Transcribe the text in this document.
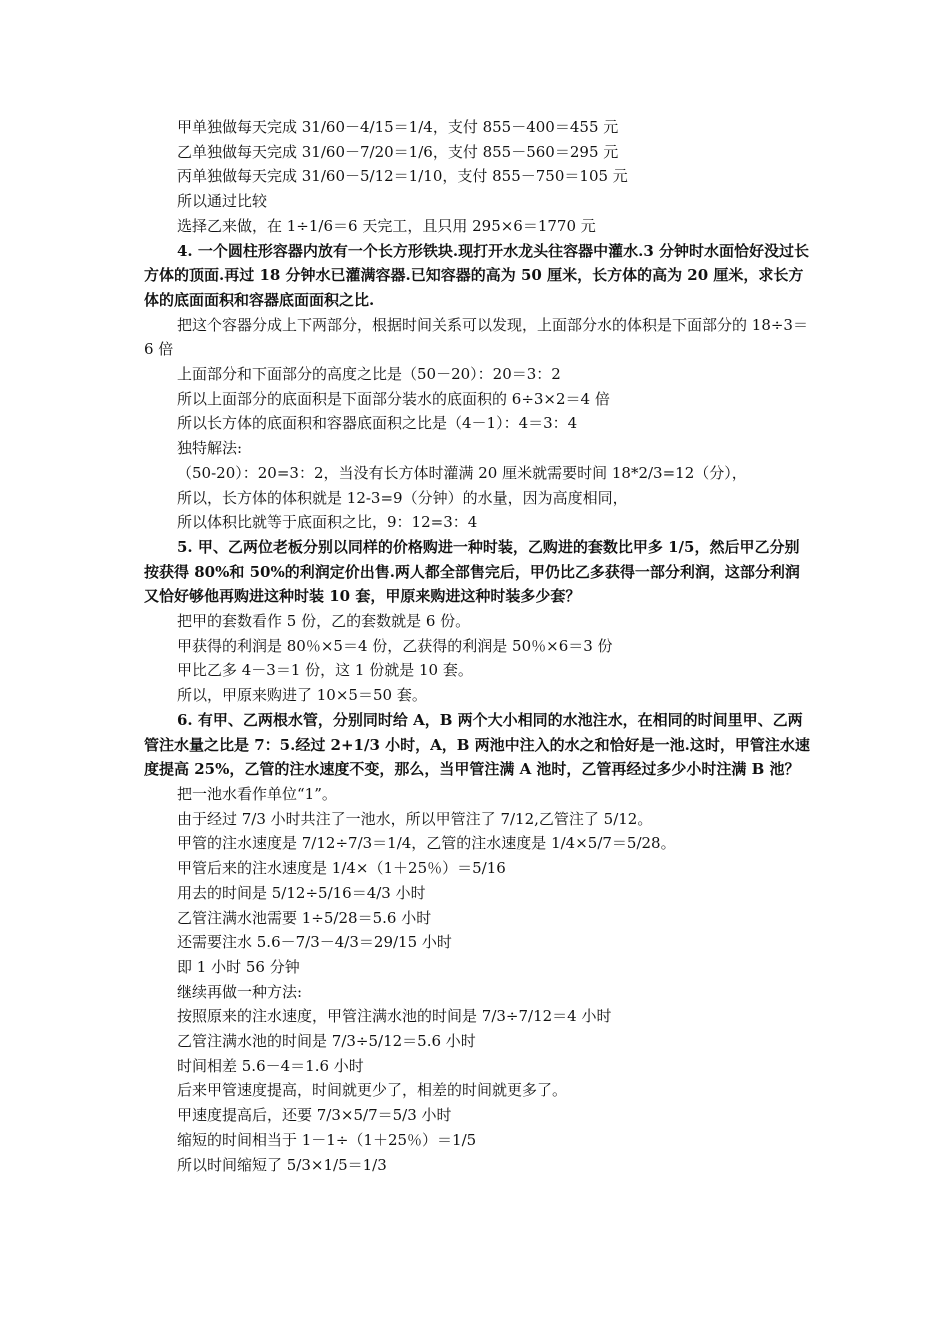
甲单独做每天完成 31/60－4/15＝1/4，支付 855－400＝455 元
乙单独做每天完成 31/60－7/20＝1/6，支付 855－560＝295 元
丙单独做每天完成 31/60－5/12＝1/10，支付 855－750＝105 元
所以通过比较
选择乙来做，在 1÷1/6＝6 天完工，且只用 295×6＝1770 元
4. 一个圆柱形容器内放有一个长方形铁块.现打开水龙头往容器中灌水.3 分钟时水面恰好没过长方体的顶面.再过 18 分钟水已灌满容器.已知容器的高为 50 厘米，长方体的高为 20 厘米，求长方体的底面面积和容器底面面积之比.
把这个容器分成上下两部分，根据时间关系可以发现，上面部分水的体积是下面部分的 18÷3＝6 倍
上面部分和下面部分的高度之比是（50－20）：20＝3：2
所以上面部分的底面积是下面部分装水的底面积的 6÷3×2＝4 倍
所以长方体的底面积和容器底面积之比是（4－1）：4＝3：4
独特解法:
（50-20）：20=3：2，当没有长方体时灌满 20 厘米就需要时间 18*2/3=12（分），
所以，长方体的体积就是 12-3=9（分钟）的水量，因为高度相同，
所以体积比就等于底面积之比，9：12=3：4
5. 甲、乙两位老板分别以同样的价格购进一种时装，乙购进的套数比甲多 1/5，然后甲乙分别按获得 80%和 50%的利润定价出售.两人都全部售完后，甲仍比乙多获得一部分利润，这部分利润又恰好够他再购进这种时装 10 套，甲原来购进这种时装多少套？
把甲的套数看作 5 份，乙的套数就是 6 份。
甲获得的利润是 80％×5＝4 份，乙获得的利润是 50％×6＝3 份
甲比乙多 4－3＝1 份，这 1 份就是 10 套。
所以，甲原来购进了 10×5＝50 套。
6. 有甲、乙两根水管，分别同时给 A，B 两个大小相同的水池注水，在相同的时间里甲、乙两管注水量之比是 7：5.经过 2+1/3 小时，A，B 两池中注入的水之和恰好是一池.这时，甲管注水速度提高 25%，乙管的注水速度不变，那么，当甲管注满 A 池时，乙管再经过多少小时注满 B 池？
把一池水看作单位“1”。
由于经过 7/3 小时共注了一池水，所以甲管注了 7/12,乙管注了 5/12。
甲管的注水速度是 7/12÷7/3＝1/4，乙管的注水速度是 1/4×5/7＝5/28。
甲管后来的注水速度是 1/4×（1＋25％）＝5/16
用去的时间是 5/12÷5/16＝4/3 小时
乙管注满水池需要 1÷5/28＝5.6 小时
还需要注水 5.6－7/3－4/3＝29/15 小时
即 1 小时 56 分钟
继续再做一种方法:
按照原来的注水速度，甲管注满水池的时间是 7/3÷7/12＝4 小时
乙管注满水池的时间是 7/3÷5/12＝5.6 小时
时间相差 5.6－4＝1.6 小时
后来甲管速度提高，时间就更少了，相差的时间就更多了。
甲速度提高后，还要 7/3×5/7＝5/3 小时
缩短的时间相当于 1－1÷（1＋25％）＝1/5
所以时间缩短了 5/3×1/5＝1/3
